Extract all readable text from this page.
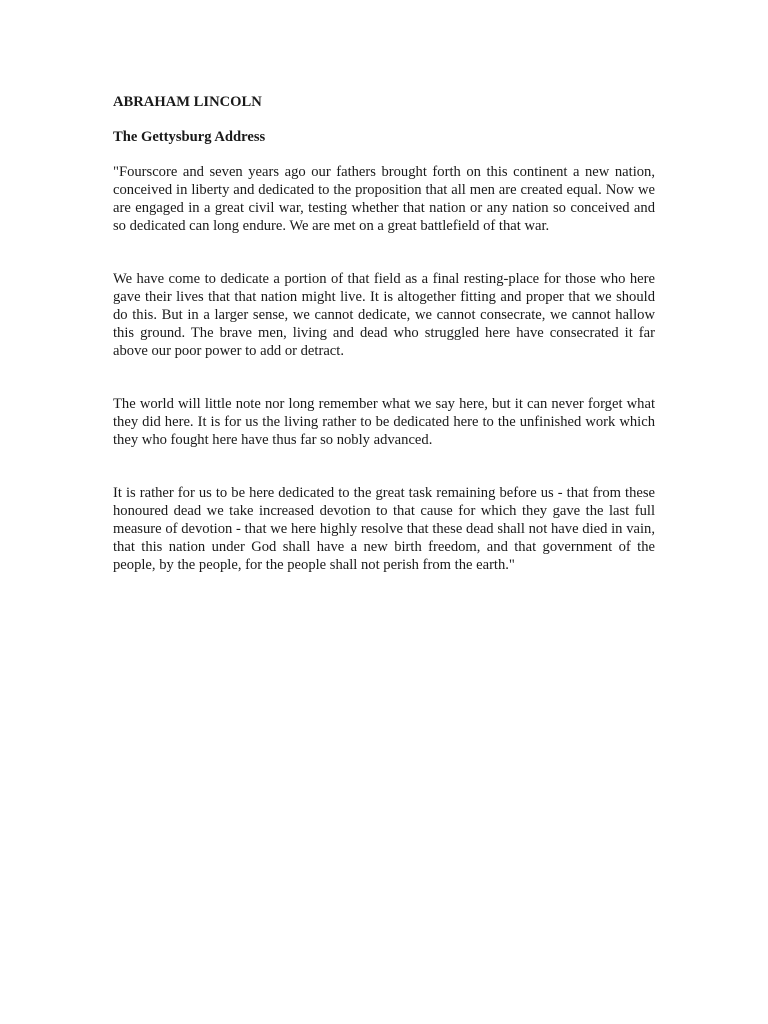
ABRAHAM LINCOLN

The Gettysburg Address

"Fourscore and seven years ago our fathers brought forth on this continent a new nation, conceived in liberty and dedicated to the proposition that all men are created equal. Now we are engaged in a great civil war, testing whether that nation or any nation so conceived and so dedicated can long endure. We are met on a great battlefield of that war.

We have come to dedicate a portion of that field as a final resting-place for those who here gave their lives that that nation might live. It is altogether fitting and proper that we should do this. But in a larger sense, we cannot dedicate, we cannot consecrate, we cannot hallow this ground. The brave men, living and dead who struggled here have consecrated it far above our poor power to add or detract.

The world will little note nor long remember what we say here, but it can never forget what they did here. It is for us the living rather to be dedicated here to the unfinished work which they who fought here have thus far so nobly advanced.

It is rather for us to be here dedicated to the great task remaining before us - that from these honoured dead we take increased devotion to that cause for which they gave the last full measure of devotion - that we here highly resolve that these dead shall not have died in vain, that this nation under God shall have a new birth freedom, and that government of the people, by the people, for the people shall not perish from the earth."
